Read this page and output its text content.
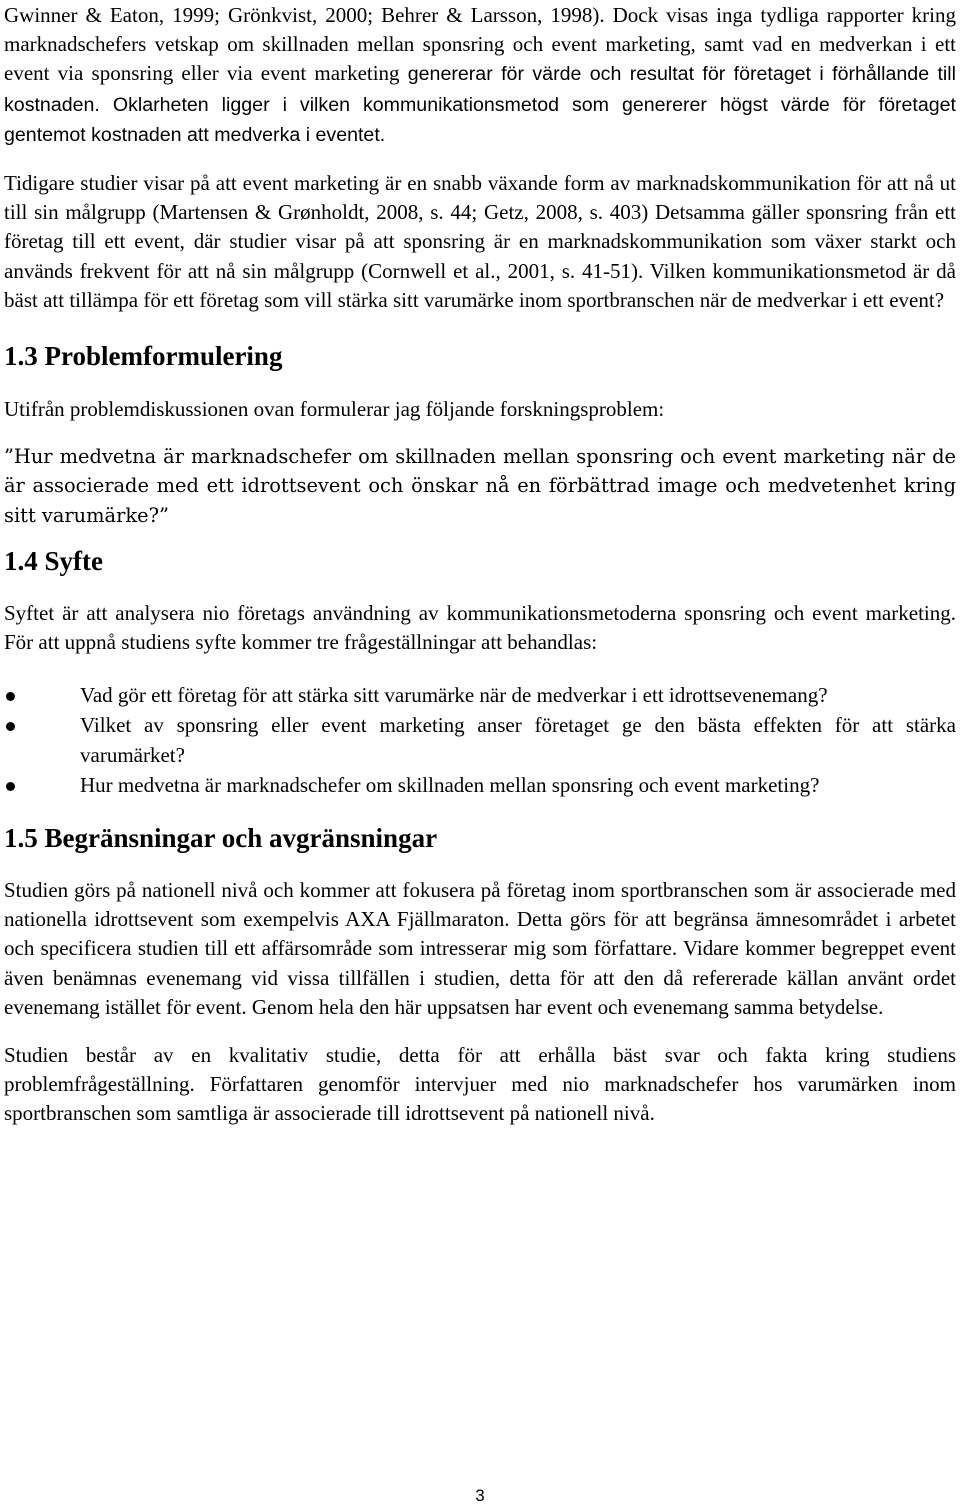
Gwinner & Eaton, 1999; Grönkvist, 2000; Behrer & Larsson, 1998). Dock visas inga tydliga rapporter kring marknadschefers vetskap om skillnaden mellan sponsring och event marketing, samt vad en medverkan i ett event via sponsring eller via event marketing genererar för värde och resultat för företaget i förhållande till kostnaden. Oklarheten ligger i vilken kommunikationsmetod som genererer högst värde för företaget gentemot kostnaden att medverka i eventet.

Tidigare studier visar på att event marketing är en snabb växande form av marknadskommunikation för att nå ut till sin målgrupp (Martensen & Grønholdt, 2008, s. 44; Getz, 2008, s. 403) Detsamma gäller sponsring från ett företag till ett event, där studier visar på att sponsring är en marknadskommunikation som växer starkt och används frekvent för att nå sin målgrupp (Cornwell et al., 2001, s. 41-51). Vilken kommunikationsmetod är då bäst att tillämpa för ett företag som vill stärka sitt varumärke inom sportbranschen när de medverkar i ett event?

1.3 Problemformulering

Utifrån problemdiskussionen ovan formulerar jag följande forskningsproblem:

”Hur medvetna är marknadschefer om skillnaden mellan sponsring och event marketing när de är associerade med ett idrottsevent och önskar nå en förbättrad image och medvetenhet kring sitt varumärke?”

1.4 Syfte

Syftet är att analysera nio företags användning av kommunikationsmetoderna sponsring och event marketing. För att uppnå studiens syfte kommer tre frågeställningar att behandlas:

Vad gör ett företag för att stärka sitt varumärke när de medverkar i ett idrottsevenemang?
Vilket av sponsring eller event marketing anser företaget ge den bästa effekten för att stärka varumärket?
Hur medvetna är marknadschefer om skillnaden mellan sponsring och event marketing?
1.5 Begränsningar och avgränsningar

Studien görs på nationell nivå och kommer att fokusera på företag inom sportbranschen som är associerade med nationella idrottsevent som exempelvis AXA Fjällmaraton. Detta görs för att begränsa ämnesområdet i arbetet och specificera studien till ett affärsområde som intresserar mig som författare. Vidare kommer begreppet event även benämnas evenemang vid vissa tillfällen i studien, detta för att den då refererade källan använt ordet evenemang istället för event. Genom hela den här uppsatsen har event och evenemang samma betydelse.

Studien består av en kvalitativ studie, detta för att erhålla bäst svar och fakta kring studiens problemfrågeställning. Författaren genomför intervjuer med nio marknadschefer hos varumärken inom sportbranschen som samtliga är associerade till idrottsevent på nationell nivå.

3
